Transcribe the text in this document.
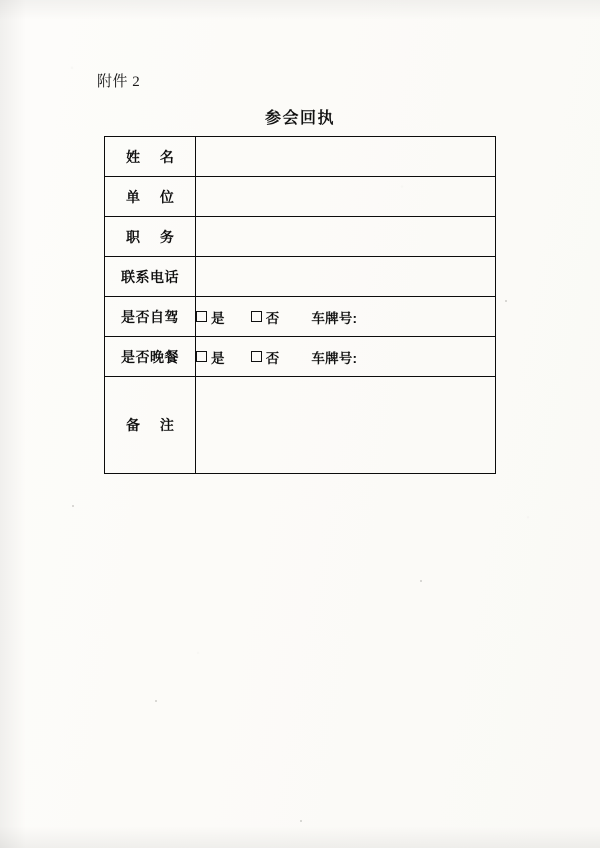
附件 2
参会回执
姓 名	
单 位	
职 务	
联系电话	
是否自驾	是 否 车牌号:

是否晚餐	是 否 车牌号:

备 注	
